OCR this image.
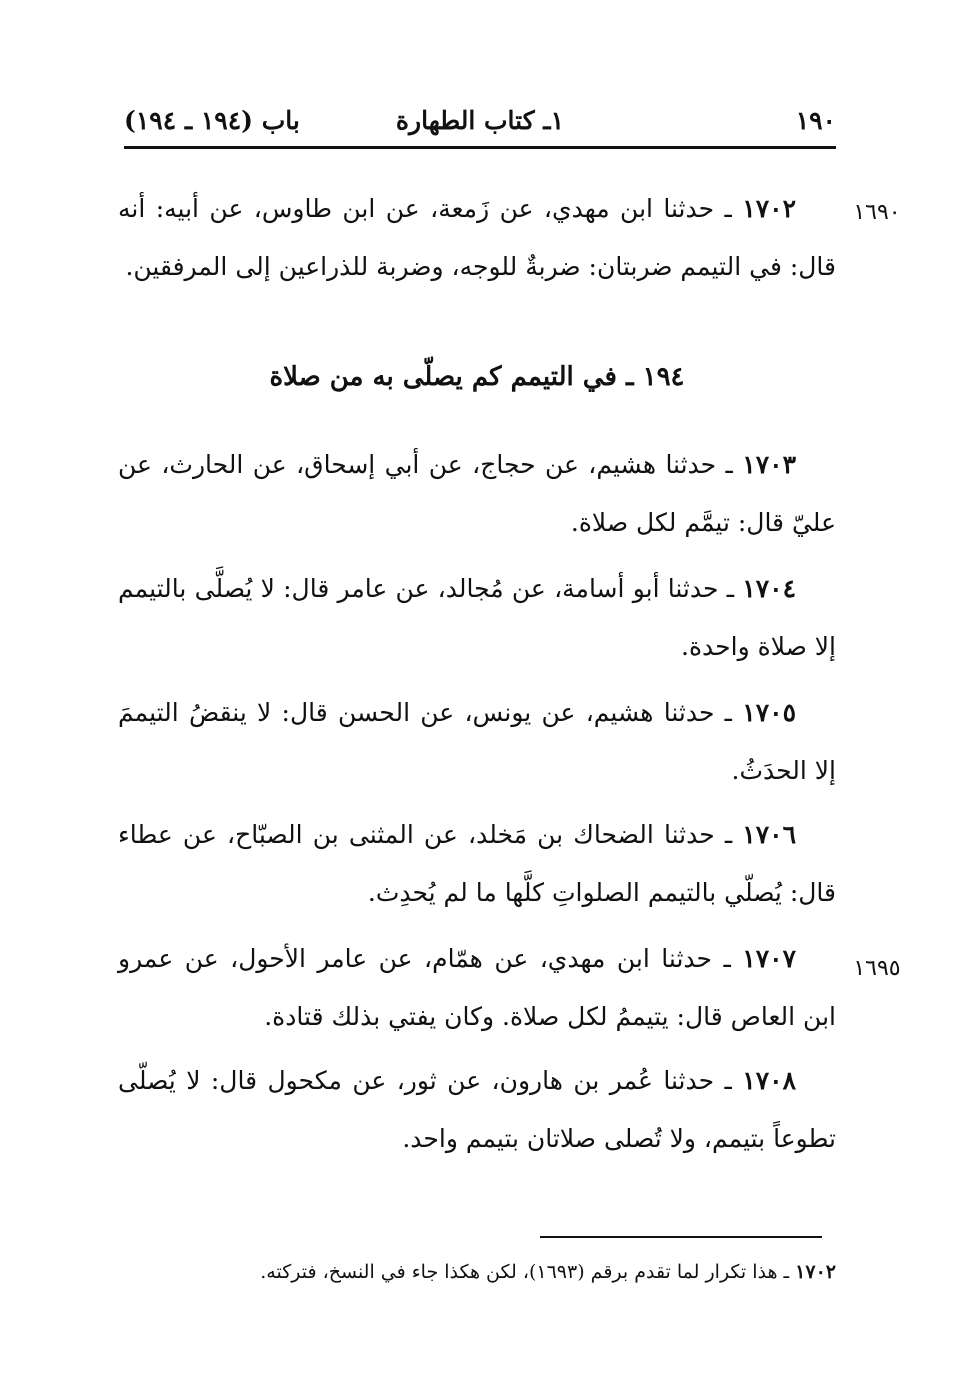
باب (١٩٤ ـ ١٩٤)	١ـ كتاب الطهارة	١٩٠
١٦٩٠
١٦٩٥
١٧٠٢ ـ حدثنا ابن مهدي، عن زَمعة، عن ابن طاوس، عن أبيه: أنه قال: في التيمم ضربتان: ضربةٌ للوجه، وضربة للذراعين إلى المرفقين.
١٩٤ ـ في التيمم كم يصلّى به من صلاة
١٧٠٣ ـ حدثنا هشيم، عن حجاج، عن أبي إسحاق، عن الحارث، عن عليّ قال: تيمَّم لكل صلاة.
١٧٠٤ ـ حدثنا أبو أسامة، عن مُجالد، عن عامر قال: لا يُصلَّى بالتيمم إلا صلاة واحدة.
١٧٠٥ ـ حدثنا هشيم، عن يونس، عن الحسن قال: لا ينقضُ التيممَ إلا الحدَثُ.
١٧٠٦ ـ حدثنا الضحاك بن مَخلد، عن المثنى بن الصبّاح، عن عطاء قال: يُصلّي بالتيمم الصلواتِ كلَّها ما لم يُحدِث.
١٧٠٧ ـ حدثنا ابن مهدي، عن همّام، عن عامر الأحول، عن عمرو ابن العاص قال: يتيممُ لكل صلاة. وكان يفتي بذلك قتادة.
١٧٠٨ ـ حدثنا عُمر بن هارون، عن ثور، عن مكحول قال: لا يُصلّى تطوعاً بتيمم، ولا تُصلى صلاتان بتيمم واحد.
١٧٠٢ ـ هذا تكرار لما تقدم برقم (١٦٩٣)، لكن هكذا جاء في النسخ، فتركته.
